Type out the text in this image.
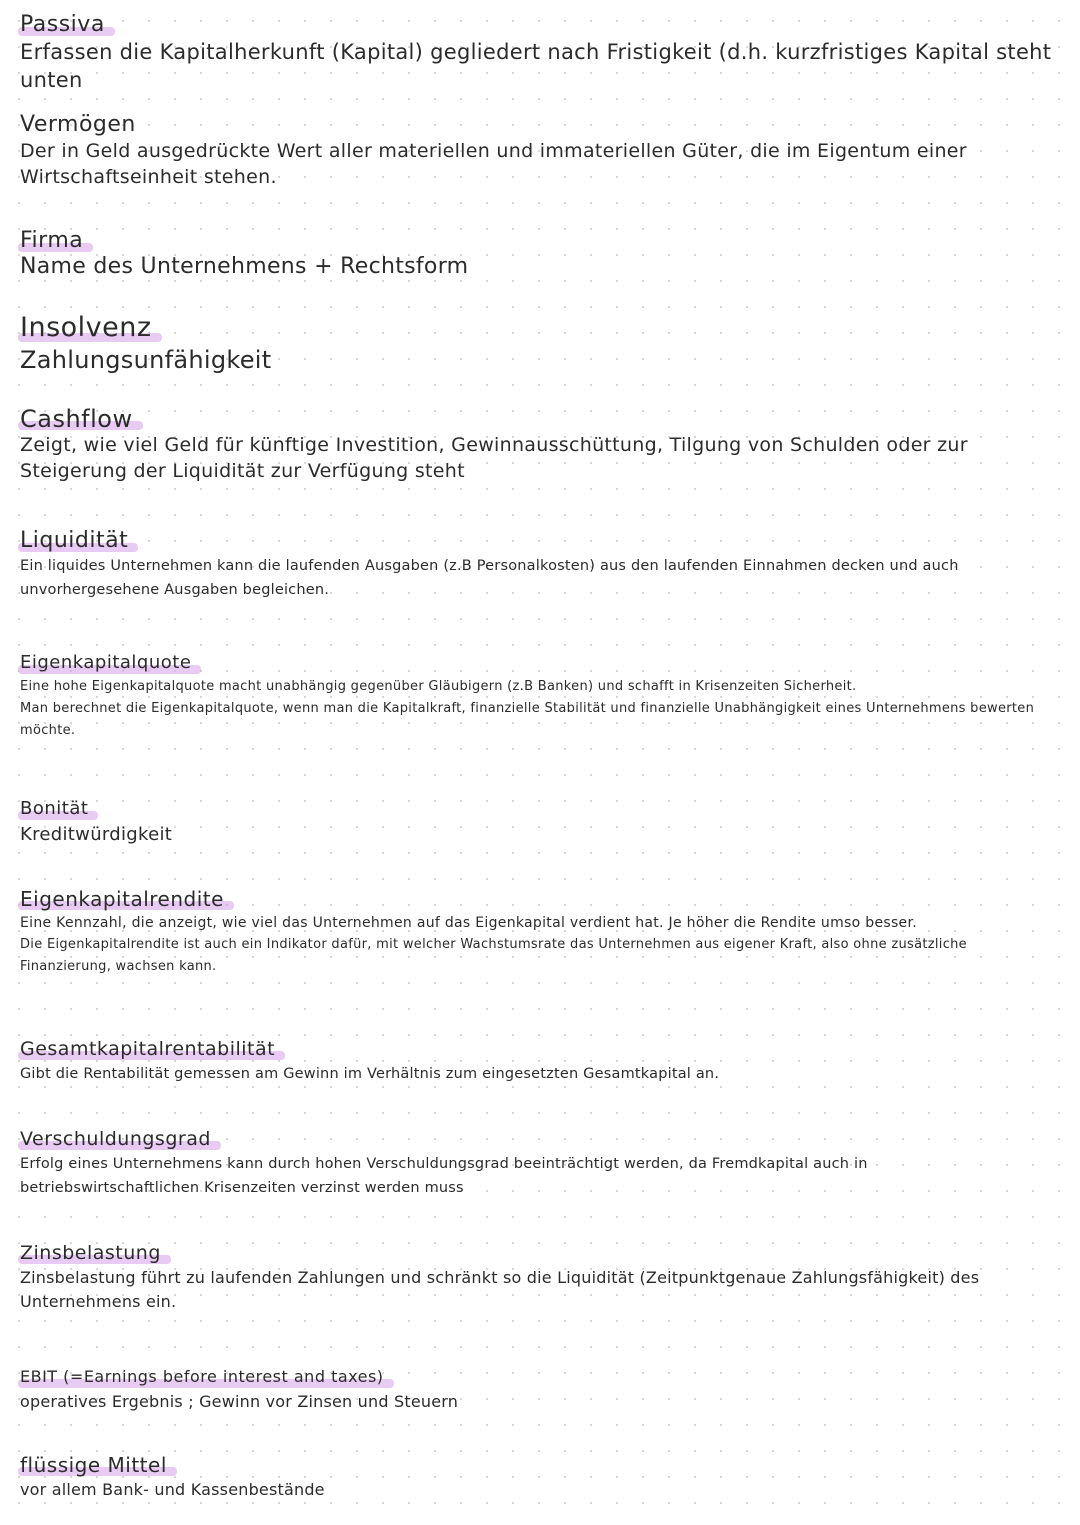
Passiva

Erfassen die Kapitalherkunft (Kapital) gegliedert nach Fristigkeit (d.h. kurzfristiges Kapital steht unten

Vermögen

Der in Geld ausgedrückte Wert aller materiellen und immateriellen Güter, die im Eigentum einer Wirtschaftseinheit stehen.

Firma

Name des Unternehmens + Rechtsform

Insolvenz

Zahlungsunfähigkeit

Cashflow

Zeigt, wie viel Geld für künftige Investition, Gewinnausschüttung, Tilgung von Schulden oder zur Steigerung der Liquidität zur Verfügung steht

Liquidität

Ein liquides Unternehmen kann die laufenden Ausgaben (z.B Personalkosten) aus den laufenden Einnahmen decken und auch unvorhergesehene Ausgaben begleichen.

Eigenkapitalquote

Eine hohe Eigenkapitalquote macht unabhängig gegenüber Gläubigern (z.B Banken) und schafft in Krisenzeiten Sicherheit.

Man berechnet die Eigenkapitalquote, wenn man die Kapitalkraft, finanzielle Stabilität und finanzielle Unabhängigkeit eines Unternehmens bewerten möchte.

Bonität

Kreditwürdigkeit

Eigenkapitalrendite

Eine Kennzahl, die anzeigt, wie viel das Unternehmen auf das Eigenkapital verdient hat. Je höher die Rendite umso besser.

Die Eigenkapitalrendite ist auch ein Indikator dafür, mit welcher Wachstumsrate das Unternehmen aus eigener Kraft, also ohne zusätzliche Finanzierung, wachsen kann.

Gesamtkapitalrentabilität

Gibt die Rentabilität gemessen am Gewinn im Verhältnis zum eingesetzten Gesamtkapital an.

Verschuldungsgrad

Erfolg eines Unternehmens kann durch hohen Verschuldungsgrad beeinträchtigt werden, da Fremdkapital auch in betriebswirtschaftlichen Krisenzeiten verzinst werden muss

Zinsbelastung

Zinsbelastung führt zu laufenden Zahlungen und schränkt so die Liquidität (Zeitpunktgenaue Zahlungsfähigkeit) des Unternehmens ein.

EBIT (=Earnings before interest and taxes)

operatives Ergebnis ; Gewinn vor Zinsen und Steuern

flüssige Mittel

vor allem Bank- und Kassenbestände
